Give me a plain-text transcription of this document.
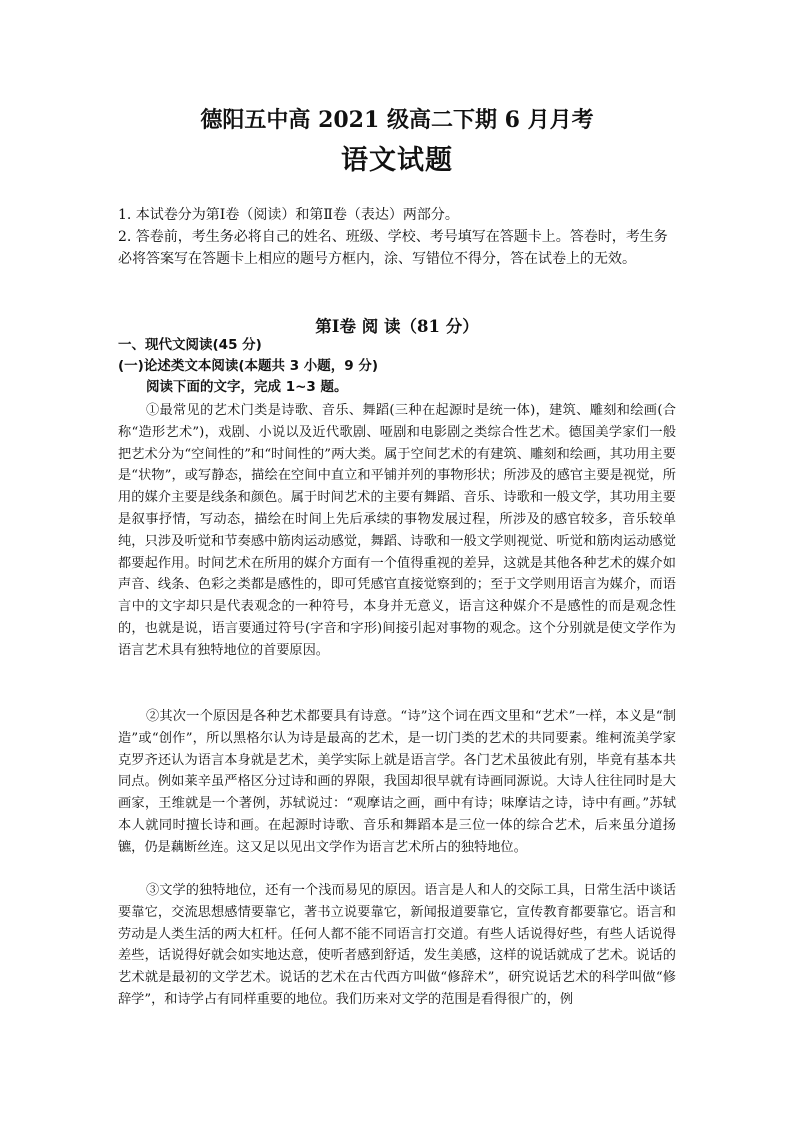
德阳五中高 2021 级高二下期 6 月月考
语文试题

1. 本试卷分为第Ⅰ卷（阅读）和第Ⅱ卷（表达）两部分。

2. 答卷前，考生务必将自己的姓名、班级、学校、考号填写在答题卡上。答卷时，考生务必将答案写在答题卡上相应的题号方框内，涂、写错位不得分，答在试卷上的无效。

第Ⅰ卷 阅 读（81 分）

一、现代文阅读(45 分)

(一)论述类文本阅读(本题共 3 小题，9 分)

阅读下面的文字，完成 1~3 题。

①最常见的艺术门类是诗歌、音乐、舞蹈(三种在起源时是统一体)，建筑、雕刻和绘画(合称“造形艺术”)，戏剧、小说以及近代歌剧、哑剧和电影剧之类综合性艺术。德国美学家们一般把艺术分为“空间性的”和“时间性的”两大类。属于空间艺术的有建筑、雕刻和绘画，其功用主要是“状物”，或写静态，描绘在空间中直立和平铺并列的事物形状；所涉及的感官主要是视觉，所用的媒介主要是线条和颜色。属于时间艺术的主要有舞蹈、音乐、诗歌和一般文学，其功用主要是叙事抒情，写动态，描绘在时间上先后承续的事物发展过程，所涉及的感官较多，音乐较单纯，只涉及听觉和节奏感中筋肉运动感觉，舞蹈、诗歌和一般文学则视觉、听觉和筋肉运动感觉都要起作用。时间艺术在所用的媒介方面有一个值得重视的差异，这就是其他各种艺术的媒介如声音、线条、色彩之类都是感性的，即可凭感官直接觉察到的；至于文学则用语言为媒介，而语言中的文字却只是代表观念的一种符号，本身并无意义，语言这种媒介不是感性的而是观念性的，也就是说，语言要通过符号(字音和字形)间接引起对事物的观念。这个分别就是使文学作为语言艺术具有独特地位的首要原因。

②其次一个原因是各种艺术都要具有诗意。“诗”这个词在西文里和“艺术”一样，本义是“制造”或“创作”，所以黑格尔认为诗是最高的艺术，是一切门类的艺术的共同要素。维柯流美学家克罗齐还认为语言本身就是艺术，美学实际上就是语言学。各门艺术虽彼此有别，毕竟有基本共同点。例如莱辛虽严格区分过诗和画的界限，我国却很早就有诗画同源说。大诗人往往同时是大画家，王维就是一个著例，苏轼说过：“观摩诘之画，画中有诗；味摩诘之诗，诗中有画。”苏轼本人就同时擅长诗和画。在起源时诗歌、音乐和舞蹈本是三位一体的综合艺术，后来虽分道扬镳，仍是藕断丝连。这又足以见出文学作为语言艺术所占的独特地位。

③文学的独特地位，还有一个浅而易见的原因。语言是人和人的交际工具，日常生活中谈话要靠它，交流思想感情要靠它，著书立说要靠它，新闻报道要靠它，宣传教育都要靠它。语言和劳动是人类生活的两大杠杆。任何人都不能不同语言打交道。有些人话说得好些，有些人话说得差些，话说得好就会如实地达意，使听者感到舒适，发生美感，这样的说话就成了艺术。说话的艺术就是最初的文学艺术。说话的艺术在古代西方叫做“修辞术”，研究说话艺术的科学叫做“修辞学”，和诗学占有同样重要的地位。我们历来对文学的范围是看得很广的，例
